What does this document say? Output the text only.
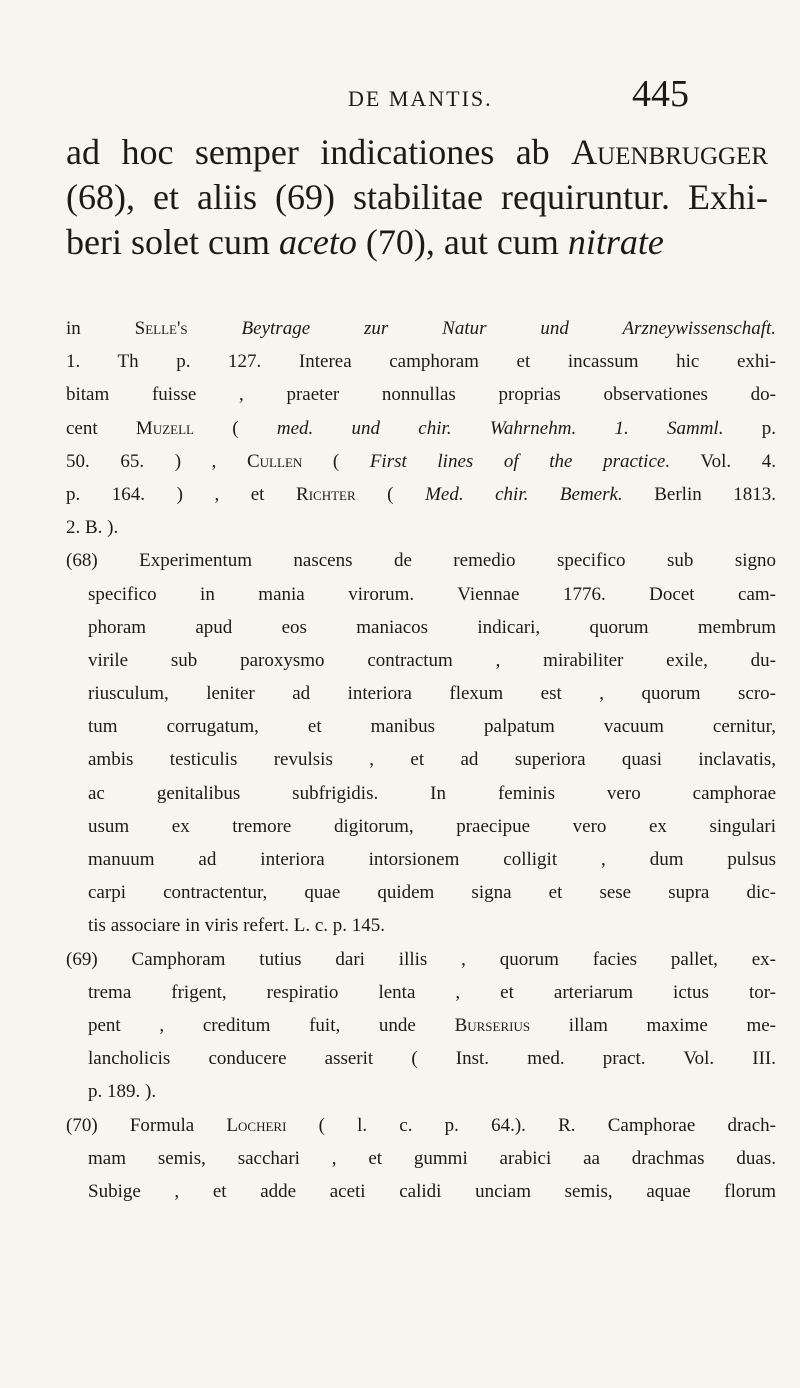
DE MANTIS.	445
ad hoc semper indicationes ab Auenbrugger
(68), et aliis (69) stabilitae requiruntur. Exhi-
beri solet cum aceto (70), aut cum nitrate
in Selle's	Beytrage zur Natur und Arzneywissenschaft.
1. Th p. 127. Interea camphoram et incassum hic exhi-
bitam fuisse , praeter nonnullas proprias observationes do-
cent Muzell ( med. und chir. Wahrnehm. 1. Samml. p.
50. 65. ) , Cullen ( First lines of the practice. Vol. 4.
p. 164. ) , et Richter ( Med. chir. Bemerk. Berlin 1813.
2. B. ).
(68) Experimentum nascens de remedio specifico sub signo
specifico in mania virorum. Viennae 1776. Docet cam-
phoram apud eos maniacos indicari, quorum membrum
virile sub paroxysmo contractum , mirabiliter exile, du-
riusculum, leniter ad interiora flexum est , quorum scro-
tum corrugatum, et manibus palpatum vacuum cernitur,
ambis testiculis revulsis , et ad superiora quasi inclavatis,
ac genitalibus subfrigidis. In feminis vero camphorae
usum ex tremore digitorum, praecipue vero ex singulari
manuum ad interiora intorsionem colligit , dum pulsus
carpi contractentur, quae quidem signa et sese supra dic-
tis associare in viris refert. L. c. p. 145.
(69) Camphoram tutius dari illis , quorum facies pallet, ex-
trema frigent, respiratio lenta , et arteriarum ictus tor-
pent , creditum fuit, unde Burserius illam maxime me-
lancholicis conducere asserit ( Inst. med. pract. Vol. III.
p. 189. ).
(70) Formula Locheri ( l. c. p. 64.). R. Camphorae drach-
mam semis, sacchari , et gummi arabici aa drachmas duas.
Subige , et adde aceti calidi unciam semis, aquae florum
